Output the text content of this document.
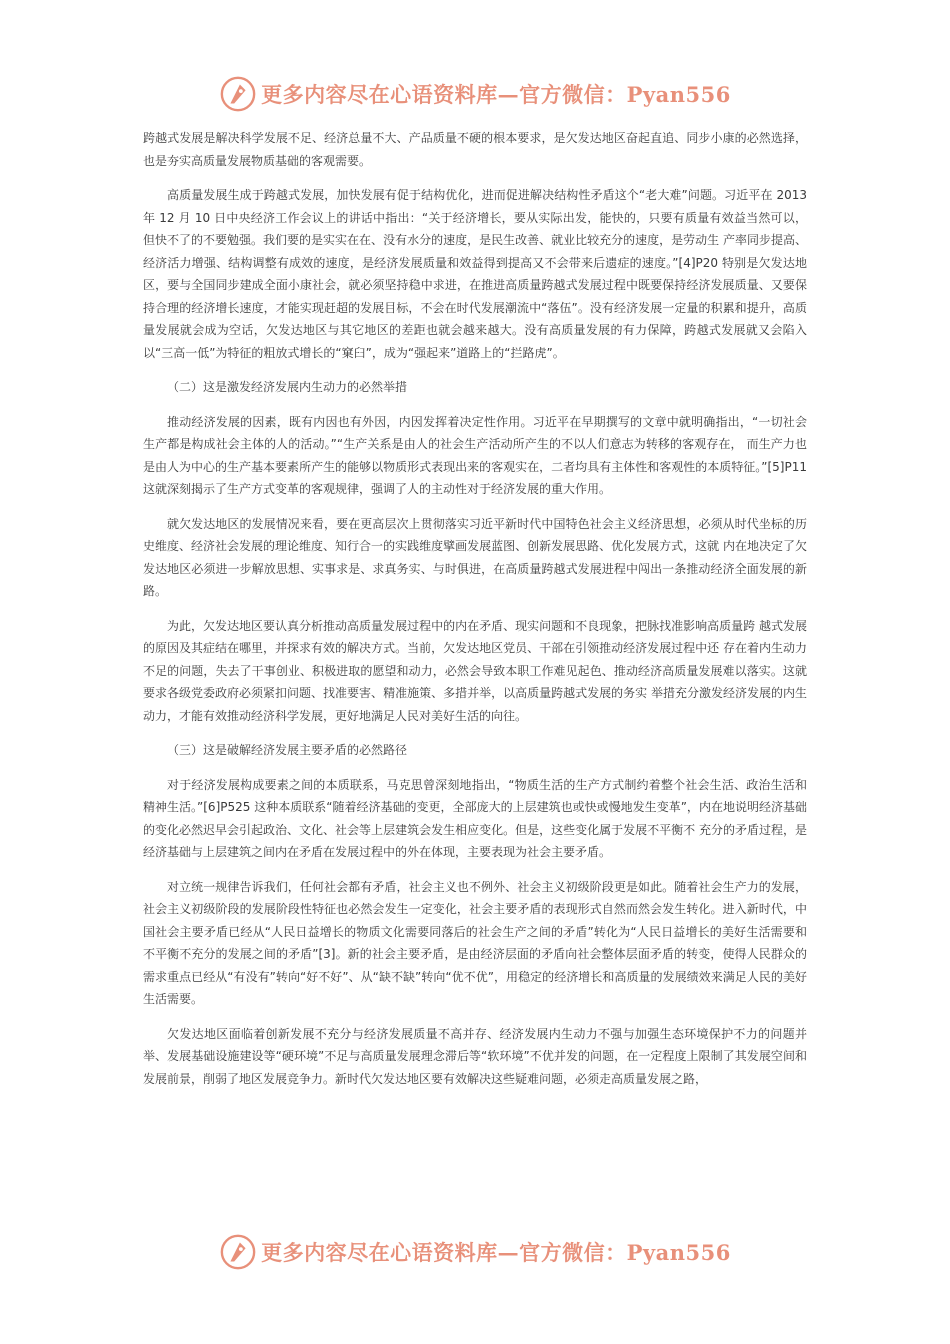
更多内容尽在心语资料库—官方微信：Pyan556

跨越式发展是解决科学发展不足、经济总量不大、产品质量不硬的根本要求，是欠发达地区奋起直追、同步小康的必然选择，也是夯实高质量发展物质基础的客观需要。

高质量发展生成于跨越式发展，加快发展有促于结构优化，进而促进解决结构性矛盾这个“老大难”问题。习近平在 2013 年 12 月 10 日中央经济工作会议上的讲话中指出：“关于经济增长，要从实际出发，能快的，只要有质量有效益当然可以，但快不了的不要勉强。我们要的是实实在在、没有水分的速度，是民生改善、就业比较充分的速度，是劳动生 产率同步提高、经济活力增强、结构调整有成效的速度，是经济发展质量和效益得到提高又不会带来后遗症的速度。”[4]P20 特别是欠发达地区，要与全国同步建成全面小康社会，就必须坚持稳中求进，在推进高质量跨越式发展过程中既要保持经济发展质量、又要保持合理的经济增长速度，才能实现赶超的发展目标，不会在时代发展潮流中“落伍”。没有经济发展一定量的积累和提升，高质量发展就会成为空话，欠发达地区与其它地区的差距也就会越来越大。没有高质量发展的有力保障，跨越式发展就又会陷入以“三高一低”为特征的粗放式增长的“窠臼”，成为“强起来”道路上的“拦路虎”。

（二）这是激发经济发展内生动力的必然举措

推动经济发展的因素，既有内因也有外因，内因发挥着决定性作用。习近平在早期撰写的文章中就明确指出，“一切社会生产都是构成社会主体的人的活动。”“生产关系是由人的社会生产活动所产生的不以人们意志为转移的客观存在， 而生产力也是由人为中心的生产基本要素所产生的能够以物质形式表现出来的客观实在，二者均具有主体性和客观性的本质特征。”[5]P11 这就深刻揭示了生产方式变革的客观规律，强调了人的主动性对于经济发展的重大作用。

就欠发达地区的发展情况来看，要在更高层次上贯彻落实习近平新时代中国特色社会主义经济思想，必须从时代坐标的历史维度、经济社会发展的理论维度、知行合一的实践维度擘画发展蓝图、创新发展思路、优化发展方式，这就 内在地决定了欠发达地区必须进一步解放思想、实事求是、求真务实、与时俱进，在高质量跨越式发展进程中闯出一条推动经济全面发展的新路。

为此，欠发达地区要认真分析推动高质量发展过程中的内在矛盾、现实问题和不良现象，把脉找准影响高质量跨 越式发展的原因及其症结在哪里，并探求有效的解决方式。当前，欠发达地区党员、干部在引领推动经济发展过程中还 存在着内生动力不足的问题，失去了干事创业、积极进取的愿望和动力，必然会导致本职工作难见起色、推动经济高质量发展难以落实。这就要求各级党委政府必须紧扣问题、找准要害、精准施策、多措并举，以高质量跨越式发展的务实 举措充分激发经济发展的内生动力，才能有效推动经济科学发展，更好地满足人民对美好生活的向往。

（三）这是破解经济发展主要矛盾的必然路径

对于经济发展构成要素之间的本质联系，马克思曾深刻地指出，“物质生活的生产方式制约着整个社会生活、政治生活和精神生活。”[6]P525 这种本质联系“随着经济基础的变更，全部庞大的上层建筑也或快或慢地发生变革”，内在地说明经济基础的变化必然迟早会引起政治、文化、社会等上层建筑会发生相应变化。但是，这些变化属于发展不平衡不 充分的矛盾过程，是经济基础与上层建筑之间内在矛盾在发展过程中的外在体现，主要表现为社会主要矛盾。

对立统一规律告诉我们，任何社会都有矛盾，社会主义也不例外、社会主义初级阶段更是如此。随着社会生产力的发展，社会主义初级阶段的发展阶段性特征也必然会发生一定变化，社会主要矛盾的表现形式自然而然会发生转化。进入新时代，中国社会主要矛盾已经从“人民日益增长的物质文化需要同落后的社会生产之间的矛盾”转化为“人民日益增长的美好生活需要和不平衡不充分的发展之间的矛盾”[3]。新的社会主要矛盾，是由经济层面的矛盾向社会整体层面矛盾的转变，使得人民群众的需求重点已经从“有没有”转向“好不好”、从“缺不缺”转向“优不优”，用稳定的经济增长和高质量的发展绩效来满足人民的美好生活需要。

欠发达地区面临着创新发展不充分与经济发展质量不高并存、经济发展内生动力不强与加强生态环境保护不力的问题并举、发展基础设施建设等“硬环境”不足与高质量发展理念滞后等“软环境”不优并发的问题，在一定程度上限制了其发展空间和发展前景，削弱了地区发展竞争力。新时代欠发达地区要有效解决这些疑难问题，必须走高质量发展之路，

更多内容尽在心语资料库—官方微信：Pyan556
